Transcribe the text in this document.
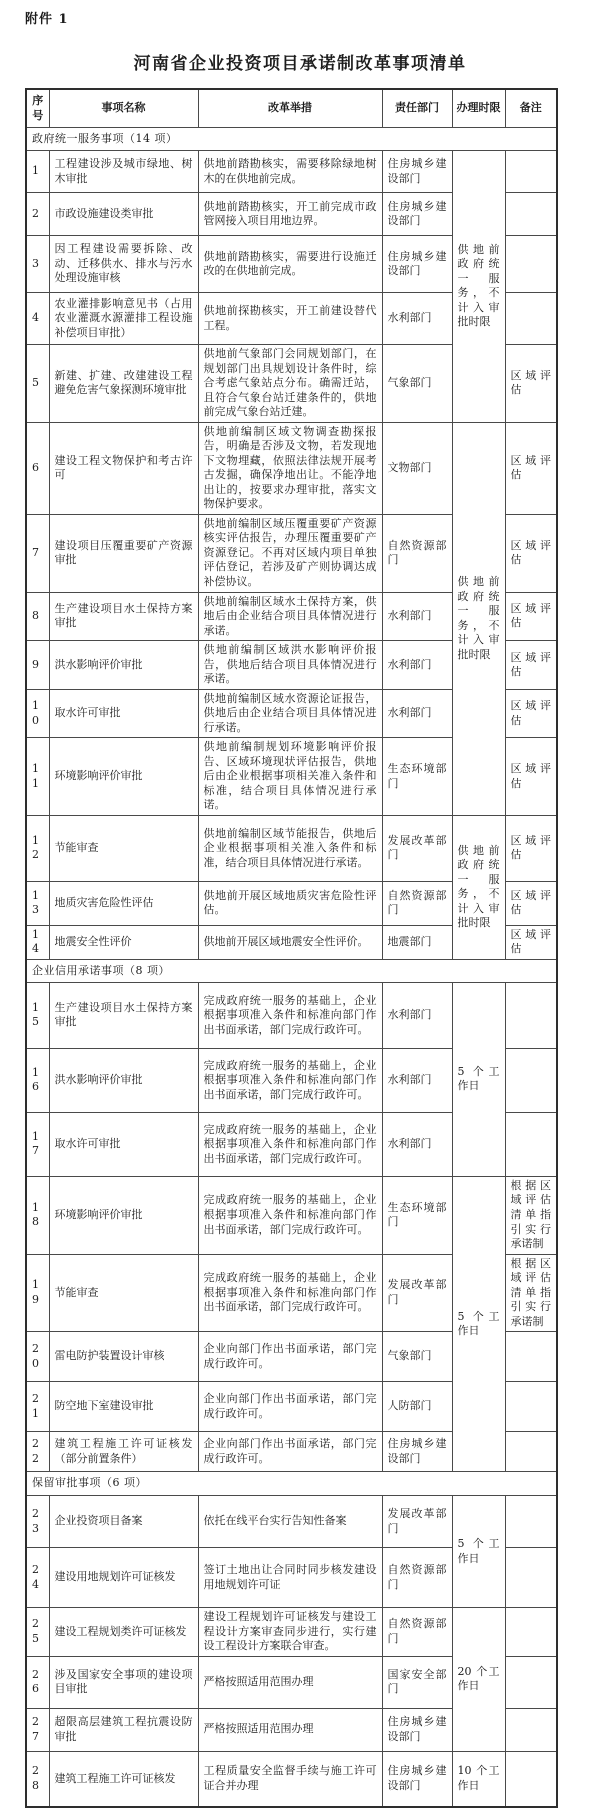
附件 1
河南省企业投资项目承诺制改革事项清单
序号	事项名称	改革举措	责任部门	办理时限	备注
政府统一服务事项（14 项）					
1	工程建设涉及城市绿地、树木审批	供地前踏勘核实，需要移除绿地树木的在供地前完成。	住房城乡建设部门	供地前政府统一服务，不计入审批时限	
2	市政设施建设类审批	供地前踏勘核实，开工前完成市政管网接入项目用地边界。	住房城乡建设部门		
3	因工程建设需要拆除、改动、迁移供水、排水与污水处理设施审核	供地前踏勘核实，需要进行设施迁改的在供地前完成。	住房城乡建设部门		
4	农业灌排影响意见书（占用农业灌溉水源灌排工程设施补偿项目审批）	供地前探勘核实，开工前建设替代工程。	水利部门		
5	新建、扩建、改建建设工程避免危害气象探测环境审批	供地前气象部门会同规划部门，在规划部门出具规划设计条件时，综合考虑气象站点分布。确需迁站，且符合气象台站迁建条件的，供地前完成气象台站迁建。	气象部门		区域评估
6	建设工程文物保护和考古许可	供地前编制区域文物调查勘探报告，明确是否涉及文物，若发现地下文物埋藏，依照法律法规开展考古发掘，确保净地出让。不能净地出让的，按要求办理审批，落实文物保护要求。	文物部门	供地前政府统一服务，不计入审批时限	区域评估
7	建设项目压覆重要矿产资源审批	供地前编制区域压覆重要矿产资源核实评估报告，办理压覆重要矿产资源登记。不再对区域内项目单独评估登记，若涉及矿产则协调达成补偿协议。	自然资源部门		区域评估
8	生产建设项目水土保持方案审批	供地前编制区域水土保持方案，供地后由企业结合项目具体情况进行承诺。	水利部门		区域评估
9	洪水影响评价审批	供地前编制区域洪水影响评价报告，供地后结合项目具体情况进行承诺。	水利部门		区域评估
10	取水许可审批	供地前编制区域水资源论证报告，供地后由企业结合项目具体情况进行承诺。	水利部门		区域评估
11	环境影响评价审批	供地前编制规划环境影响评价报告、区域环境现状评估报告，供地后由企业根据事项相关准入条件和标准，结合项目具体情况进行承诺。	生态环境部门		区域评估
12	节能审查	供地前编制区域节能报告，供地后企业根据事项相关准入条件和标准，结合项目具体情况进行承诺。	发展改革部门	供地前政府统一服务，不计入审批时限	区域评估
13	地质灾害危险性评估	供地前开展区域地质灾害危险性评估。	自然资源部门		区域评估
14	地震安全性评价	供地前开展区域地震安全性评价。	地震部门		区域评估
企业信用承诺事项（8 项）					
15	生产建设项目水土保持方案审批	完成政府统一服务的基础上，企业根据事项准入条件和标准向部门作出书面承诺，部门完成行政许可。	水利部门	5 个工作日	
16	洪水影响评价审批	完成政府统一服务的基础上，企业根据事项准入条件和标准向部门作出书面承诺，部门完成行政许可。	水利部门		
17	取水许可审批	完成政府统一服务的基础上，企业根据事项准入条件和标准向部门作出书面承诺，部门完成行政许可。	水利部门		
18	环境影响评价审批	完成政府统一服务的基础上，企业根据事项准入条件和标准向部门作出书面承诺，部门完成行政许可。	生态环境部门	5 个工作日	根据区域评估清单指引实行承诺制
19	节能审查	完成政府统一服务的基础上，企业根据事项准入条件和标准向部门作出书面承诺，部门完成行政许可。	发展改革部门		根据区域评估清单指引实行承诺制
20	雷电防护装置设计审核	企业向部门作出书面承诺，部门完成行政许可。	气象部门		
21	防空地下室建设审批	企业向部门作出书面承诺，部门完成行政许可。	人防部门		
22	建筑工程施工许可证核发（部分前置条件）	企业向部门作出书面承诺，部门完成行政许可。	住房城乡建设部门		
保留审批事项（6 项）					
23	企业投资项目备案	依托在线平台实行告知性备案	发展改革部门	5 个工作日	
24	建设用地规划许可证核发	签订土地出让合同时同步核发建设用地规划许可证	自然资源部门		
25	建设工程规划类许可证核发	建设工程规划许可证核发与建设工程设计方案审查同步进行，实行建设工程设计方案联合审查。	自然资源部门	20 个工作日	
26	涉及国家安全事项的建设项目审批	严格按照适用范围办理	国家安全部门		
27	超限高层建筑工程抗震设防审批	严格按照适用范围办理	住房城乡建设部门		
28	建筑工程施工许可证核发	工程质量安全监督手续与施工许可证合并办理	住房城乡建设部门	10 个工作日	
